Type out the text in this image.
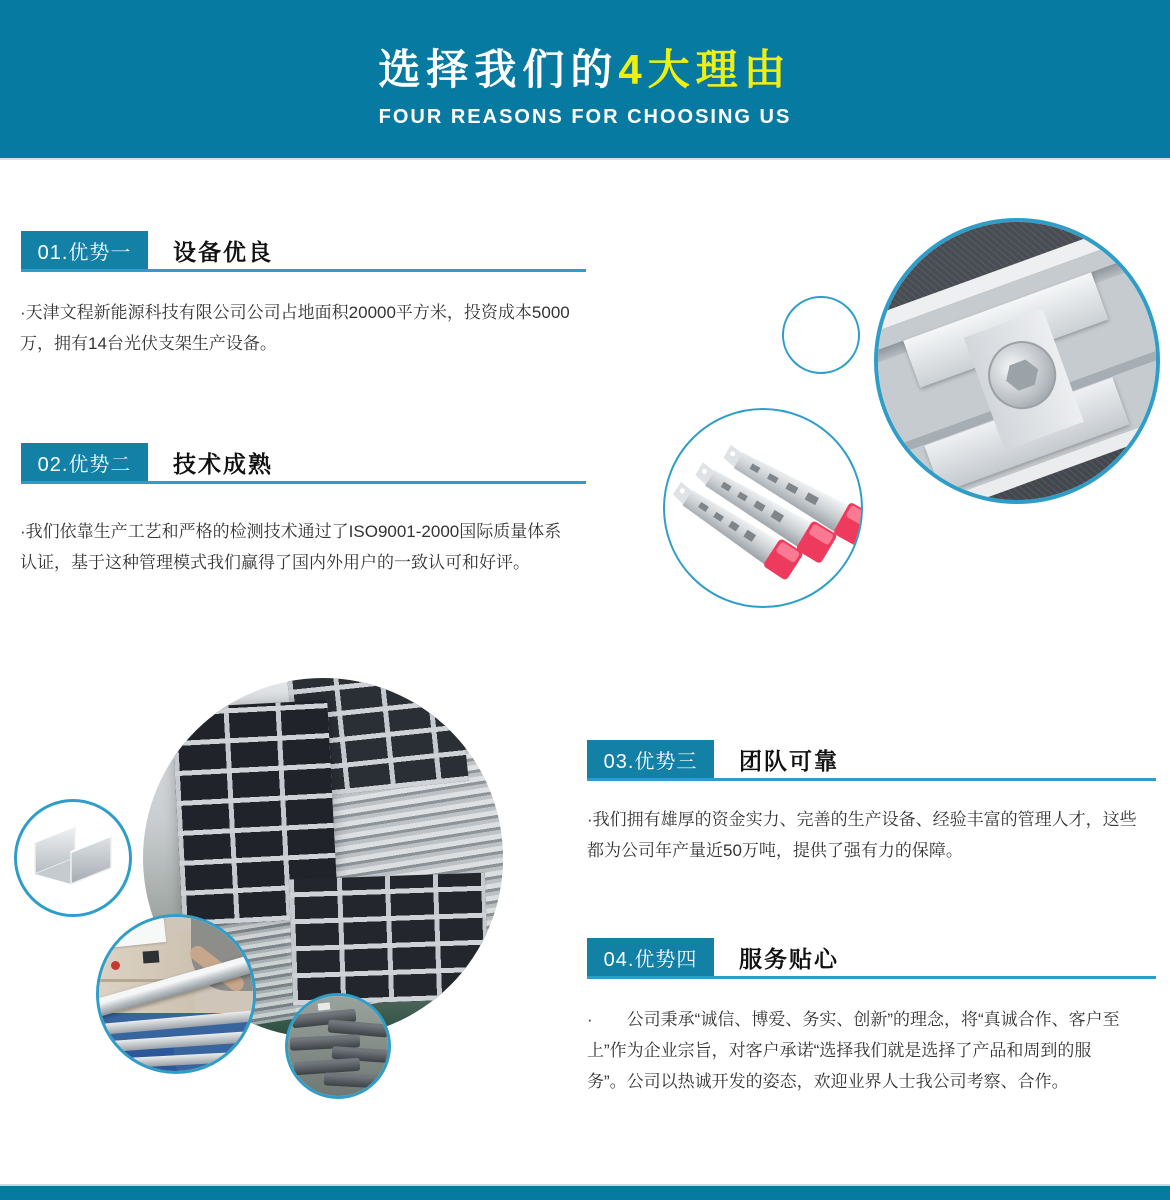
选择我们的4大理由
FOUR REASONS FOR CHOOSING US
01.优势一	设备优良
·天津文程新能源科技有限公司公司占地面积20000平方米，投资成本5000
万，拥有14台光伏支架生产设备。
02.优势二	技术成熟
·我们依靠生产工艺和严格的检测技术通过了ISO9001-2000国际质量体系
认证，基于这种管理模式我们赢得了国内外用户的一致认可和好评。
03.优势三	团队可靠
·我们拥有雄厚的资金实力、完善的生产设备、经验丰富的管理人才，这些
都为公司年产量近50万吨，提供了强有力的保障。
04.优势四	服务贴心
·　　公司秉承“诚信、博爱、务实、创新”的理念，将“真诚合作、客户至
上”作为企业宗旨，对客户承诺“选择我们就是选择了产品和周到的服
务”。公司以热诚开发的姿态，欢迎业界人士我公司考察、合作。
